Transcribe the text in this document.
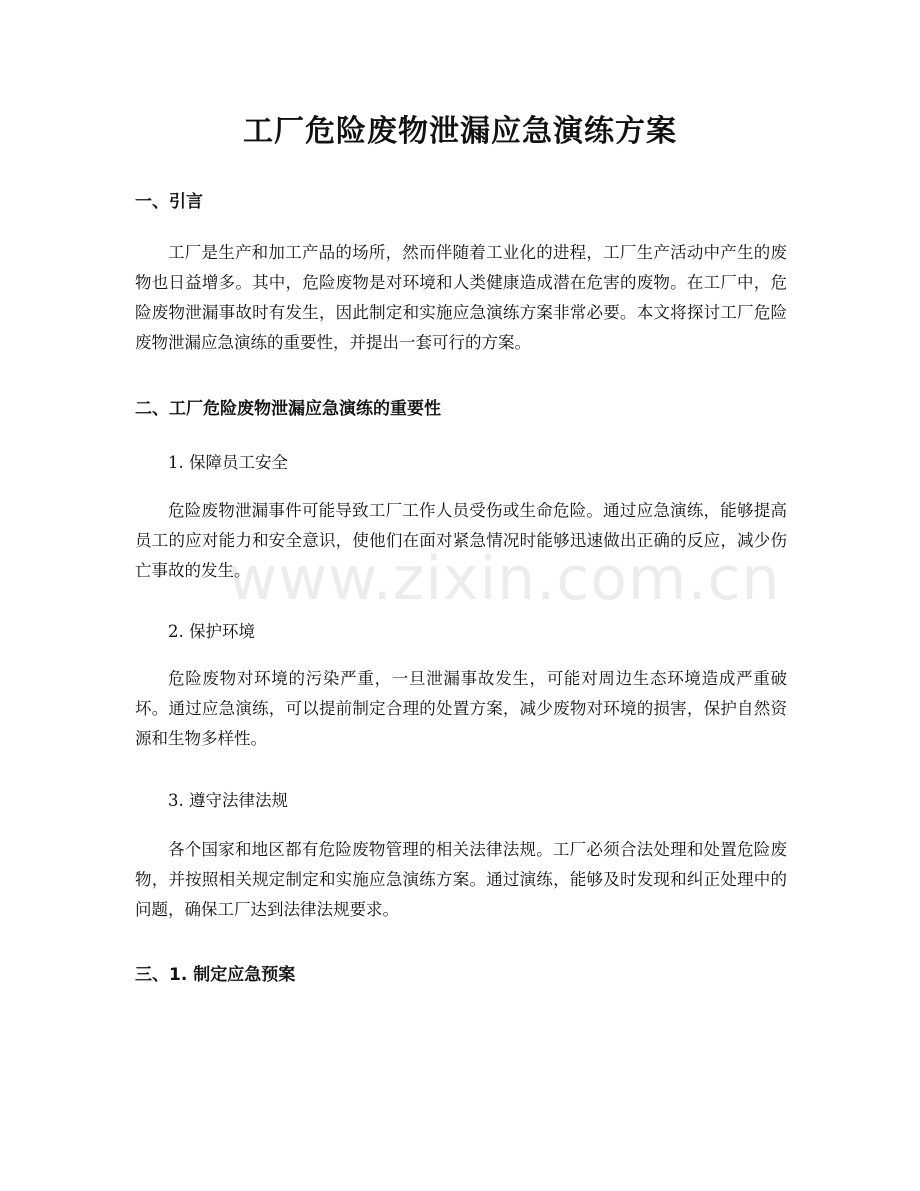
工厂危险废物泄漏应急演练方案
一、引言

工厂是生产和加工产品的场所，然而伴随着工业化的进程，工厂生产活动中产生的废物也日益增多。其中，危险废物是对环境和人类健康造成潜在危害的废物。在工厂中，危险废物泄漏事故时有发生，因此制定和实施应急演练方案非常必要。本文将探讨工厂危险废物泄漏应急演练的重要性，并提出一套可行的方案。

二、工厂危险废物泄漏应急演练的重要性

1. 保障员工安全

危险废物泄漏事件可能导致工厂工作人员受伤或生命危险。通过应急演练，能够提高员工的应对能力和安全意识，使他们在面对紧急情况时能够迅速做出正确的反应，减少伤亡事故的发生。

2. 保护环境

危险废物对环境的污染严重，一旦泄漏事故发生，可能对周边生态环境造成严重破坏。通过应急演练，可以提前制定合理的处置方案，减少废物对环境的损害，保护自然资源和生物多样性。

3. 遵守法律法规

各个国家和地区都有危险废物管理的相关法律法规。工厂必须合法处理和处置危险废物，并按照相关规定制定和实施应急演练方案。通过演练，能够及时发现和纠正处理中的问题，确保工厂达到法律法规要求。

三、1. 制定应急预案
www.zixin.com.cn
